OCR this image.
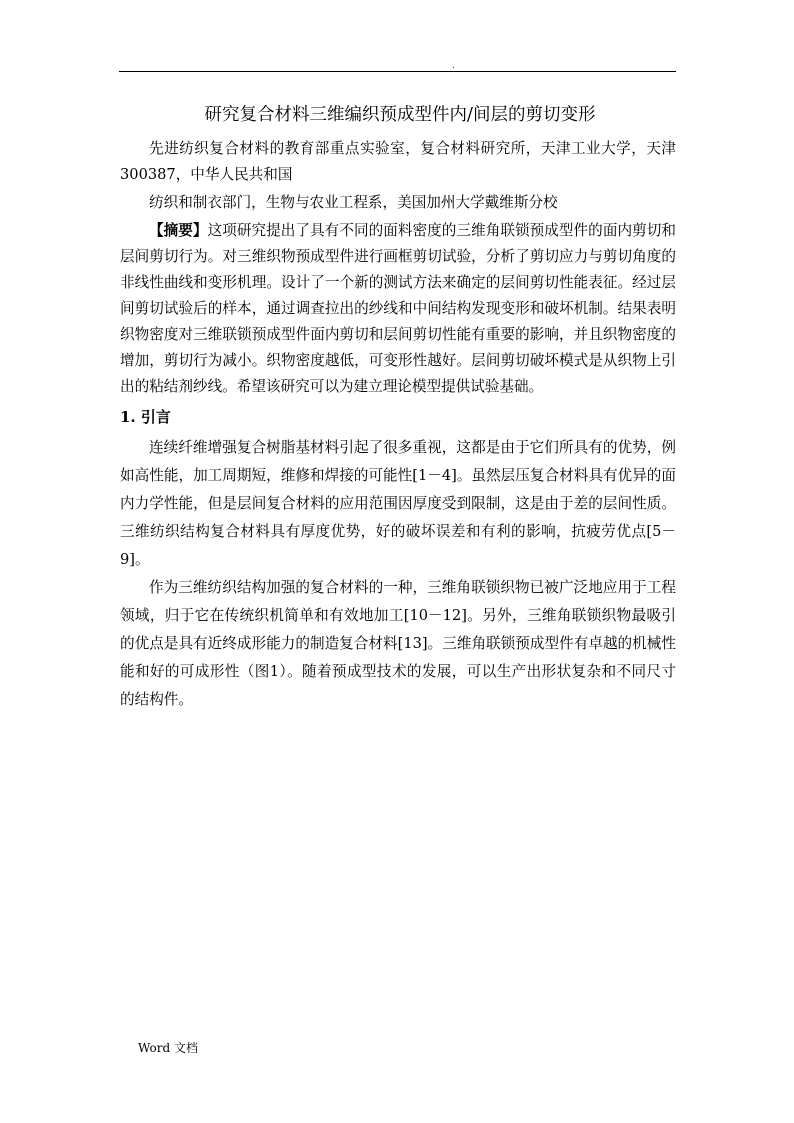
.
研究复合材料三维编织预成型件内/间层的剪切变形

先进纺织复合材料的教育部重点实验室，复合材料研究所，天津工业大学，天津 300387，中华人民共和国

纺织和制衣部门，生物与农业工程系，美国加州大学戴维斯分校

【摘要】这项研究提出了具有不同的面料密度的三维角联锁预成型件的面内剪切和层间剪切行为。对三维织物预成型件进行画框剪切试验，分析了剪切应力与剪切角度的非线性曲线和变形机理。设计了一个新的测试方法来确定的层间剪切性能表征。经过层间剪切试验后的样本，通过调查拉出的纱线和中间结构发现变形和破坏机制。结果表明织物密度对三维联锁预成型件面内剪切和层间剪切性能有重要的影响，并且织物密度的增加，剪切行为减小。织物密度越低，可变形性越好。层间剪切破坏模式是从织物上引出的粘结剂纱线。希望该研究可以为建立理论模型提供试验基础。

1. 引言

连续纤维增强复合树脂基材料引起了很多重视，这都是由于它们所具有的优势，例如高性能，加工周期短，维修和焊接的可能性[1－4]。虽然层压复合材料具有优异的面内力学性能，但是层间复合材料的应用范围因厚度受到限制，这是由于差的层间性质。三维纺织结构复合材料具有厚度优势，好的破坏误差和有利的影响，抗疲劳优点[5－9]。

作为三维纺织结构加强的复合材料的一种，三维角联锁织物已被广泛地应用于工程领域，归于它在传统织机简单和有效地加工[10－12]。另外，三维角联锁织物最吸引的优点是具有近终成形能力的制造复合材料[13]。三维角联锁预成型件有卓越的机械性能和好的可成形性（图1）。随着预成型技术的发展，可以生产出形状复杂和不同尺寸的结构件。

Word 文档
